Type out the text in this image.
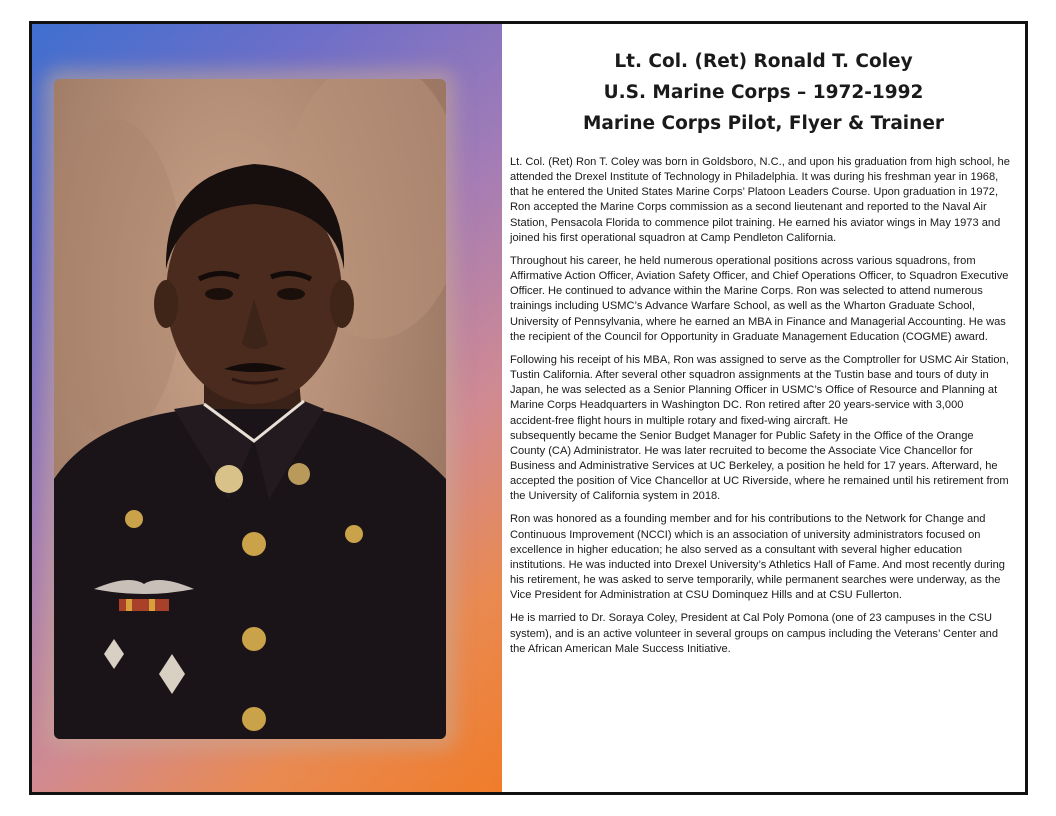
Lt. Col. (Ret) Ronald T. Coley
U.S. Marine Corps – 1972-1992
Marine Corps Pilot, Flyer & Trainer

Lt. Col. (Ret) Ron T. Coley was born in Goldsboro, N.C., and upon his graduation from high school, he attended the Drexel Institute of Technology in Philadelphia. It was during his freshman year in 1968, that he entered the United States Marine Corps’ Platoon Leaders Course. Upon graduation in 1972, Ron accepted the Marine Corps commission as a second lieutenant and reported to the Naval Air Station, Pensacola Florida to commence pilot training. He earned his aviator wings in May 1973 and joined his first operational squadron at Camp Pendleton California.

Throughout his career, he held numerous operational positions across various squadrons, from Affirmative Action Officer, Aviation Safety Officer, and Chief Operations Officer, to Squadron Executive Officer. He continued to advance within the Marine Corps. Ron was selected to attend numerous trainings including USMC’s Advance Warfare School, as well as the Wharton Graduate School, University of Pennsylvania, where he earned an MBA in Finance and Managerial Accounting. He was the recipient of the Council for Opportunity in Graduate Management Education (COGME) award.

Following his receipt of his MBA, Ron was assigned to serve as the Comptroller for USMC Air Station, Tustin California. After several other squadron assignments at the Tustin base and tours of duty in Japan, he was selected as a Senior Planning Officer in USMC’s Office of Resource and Planning at Marine Corps Headquarters in Washington DC. Ron retired after 20 years-service with 3,000 accident-free flight hours in multiple rotary and fixed-wing aircraft. He

subsequently became the Senior Budget Manager for Public Safety in the Office of the Orange County (CA) Administrator. He was later recruited to become the Associate Vice Chancellor for Business and Administrative Services at UC Berkeley, a position he held for 17 years. Afterward, he accepted the position of Vice Chancellor at UC Riverside, where he remained until his retirement from the University of California system in 2018.

Ron was honored as a founding member and for his contributions to the Network for Change and Continuous Improvement (NCCI) which is an association of university administrators focused on excellence in higher education; he also served as a consultant with several higher education institutions. He was inducted into Drexel University’s Athletics Hall of Fame. And most recently during his retirement, he was asked to serve temporarily, while permanent searches were underway, as the Vice President for Administration at CSU Dominquez Hills and at CSU Fullerton.

He is married to Dr. Soraya Coley, President at Cal Poly Pomona (one of 23 campuses in the CSU system), and is an active volunteer in several groups on campus including the Veterans’ Center and the African American Male Success Initiative.
